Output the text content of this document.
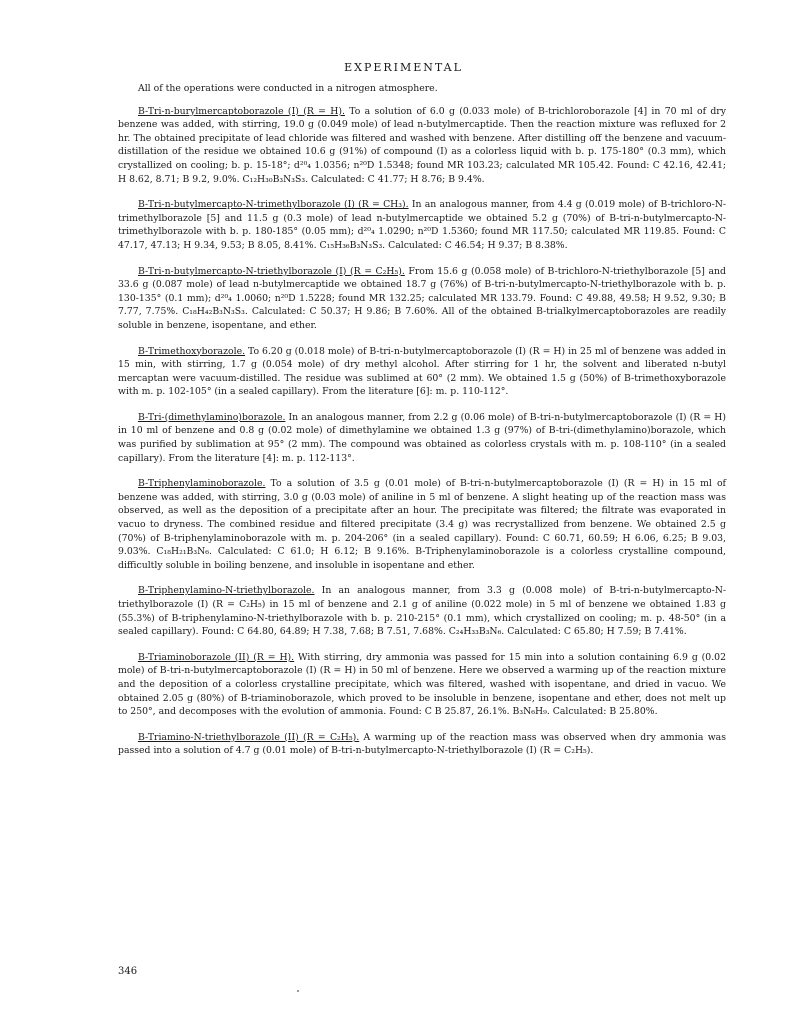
EXPERIMENTAL

All of the operations were conducted in a nitrogen atmosphere.

B-Tri-n-burylmercaptoborazole (I) (R = H). To a solution of 6.0 g (0.033 mole) of B-trichloroborazole [4] in 70 ml of dry benzene was added, with stirring, 19.0 g (0.049 mole) of lead n-butylmercaptide. Then the reaction mixture was refluxed for 2 hr. The obtained precipitate of lead chloride was filtered and washed with benzene. After distilling off the benzene and vacuum-distillation of the residue we obtained 10.6 g (91%) of compound (I) as a colorless liquid with b. p. 175-180° (0.3 mm), which crystallized on cooling; b. p. 15-18°; d²⁰₄ 1.0356; n²⁰D 1.5348; found MR 103.23; calculated MR 105.42. Found: C 42.16, 42.41; H 8.62, 8.71; B 9.2, 9.0%. C₁₂H₃₀B₃N₃S₃. Calculated: C 41.77; H 8.76; B 9.4%.

B-Tri-n-butylmercapto-N-trimethylborazole (I) (R = CH₃). In an analogous manner, from 4.4 g (0.019 mole) of B-trichloro-N-trimethylborazole [5] and 11.5 g (0.3 mole) of lead n-butylmercaptide we obtained 5.2 g (70%) of B-tri-n-butylmercapto-N-trimethylborazole with b. p. 180-185° (0.05 mm); d²⁰₄ 1.0290; n²⁰D 1.5360; found MR 117.50; calculated MR 119.85. Found: C 47.17, 47.13; H 9.34, 9.53; B 8.05, 8.41%. C₁₅H₃₆B₃N₃S₃. Calculated: C 46.54; H 9.37; B 8.38%.

B-Tri-n-butylmercapto-N-triethylborazole (I) (R = C₂H₅). From 15.6 g (0.058 mole) of B-trichloro-N-triethylborazole [5] and 33.6 g (0.087 mole) of lead n-butylmercaptide we obtained 18.7 g (76%) of B-tri-n-butylmercapto-N-triethylborazole with b. p. 130-135° (0.1 mm); d²⁰₄ 1.0060; n²⁰D 1.5228; found MR 132.25; calculated MR 133.79. Found: C 49.88, 49.58; H 9.52, 9.30; B 7.77, 7.75%. C₁₈H₄₂B₃N₃S₃. Calculated: C 50.37; H 9.86; B 7.60%. All of the obtained B-trialkylmercaptoborazoles are readily soluble in benzene, isopentane, and ether.

B-Trimethoxyborazole. To 6.20 g (0.018 mole) of B-tri-n-butylmercaptoborazole (I) (R = H) in 25 ml of benzene was added in 15 min, with stirring, 1.7 g (0.054 mole) of dry methyl alcohol. After stirring for 1 hr, the solvent and liberated n-butyl mercaptan were vacuum-distilled. The residue was sublimed at 60° (2 mm). We obtained 1.5 g (50%) of B-trimethoxyborazole with m. p. 102-105° (in a sealed capillary). From the literature [6]: m. p. 110-112°.

B-Tri-(dimethylamino)borazole. In an analogous manner, from 2.2 g (0.06 mole) of B-tri-n-butylmercaptoborazole (I) (R = H) in 10 ml of benzene and 0.8 g (0.02 mole) of dimethylamine we obtained 1.3 g (97%) of B-tri-(dimethylamino)borazole, which was purified by sublimation at 95° (2 mm). The compound was obtained as colorless crystals with m. p. 108-110° (in a sealed capillary). From the literature [4]: m. p. 112-113°.

B-Triphenylaminoborazole. To a solution of 3.5 g (0.01 mole) of B-tri-n-butylmercaptoborazole (I) (R = H) in 15 ml of benzene was added, with stirring, 3.0 g (0.03 mole) of aniline in 5 ml of benzene. A slight heating up of the reaction mass was observed, as well as the deposition of a precipitate after an hour. The precipitate was filtered; the filtrate was evaporated in vacuo to dryness. The combined residue and filtered precipitate (3.4 g) was recrystallized from benzene. We obtained 2.5 g (70%) of B-triphenylaminoborazole with m. p. 204-206° (in a sealed capillary). Found: C 60.71, 60.59; H 6.06, 6.25; B 9.03, 9.03%. C₁₈H₂₁B₃N₆. Calculated: C 61.0; H 6.12; B 9.16%. B-Triphenylaminoborazole is a colorless crystalline compound, difficultly soluble in boiling benzene, and insoluble in isopentane and ether.

B-Triphenylamino-N-triethylborazole. In an analogous manner, from 3.3 g (0.008 mole) of B-tri-n-butylmercapto-N-triethylborazole (I) (R = C₂H₅) in 15 ml of benzene and 2.1 g of aniline (0.022 mole) in 5 ml of benzene we obtained 1.83 g (55.3%) of B-triphenylamino-N-triethylborazole with b. p. 210-215° (0.1 mm), which crystallized on cooling; m. p. 48-50° (in a sealed capillary). Found: C 64.80, 64.89; H 7.38, 7.68; B 7.51, 7.68%. C₂₄H₃₃B₃N₆. Calculated: C 65.80; H 7.59; B 7.41%.

B-Triaminoborazole (II) (R = H). With stirring, dry ammonia was passed for 15 min into a solution containing 6.9 g (0.02 mole) of B-tri-n-butylmercaptoborazole (I) (R = H) in 50 ml of benzene. Here we observed a warming up of the reaction mixture and the deposition of a colorless crystalline precipitate, which was filtered, washed with isopentane, and dried in vacuo. We obtained 2.05 g (80%) of B-triaminoborazole, which proved to be insoluble in benzene, isopentane and ether, does not melt up to 250°, and decomposes with the evolution of ammonia. Found: C B 25.87, 26.1%. B₃N₆H₉. Calculated: B 25.80%.

B-Triamino-N-triethylborazole (II) (R = C₂H₅). A warming up of the reaction mass was observed when dry ammonia was passed into a solution of 4.7 g (0.01 mole) of B-tri-n-butylmercapto-N-triethylborazole (I) (R = C₂H₅).

346
